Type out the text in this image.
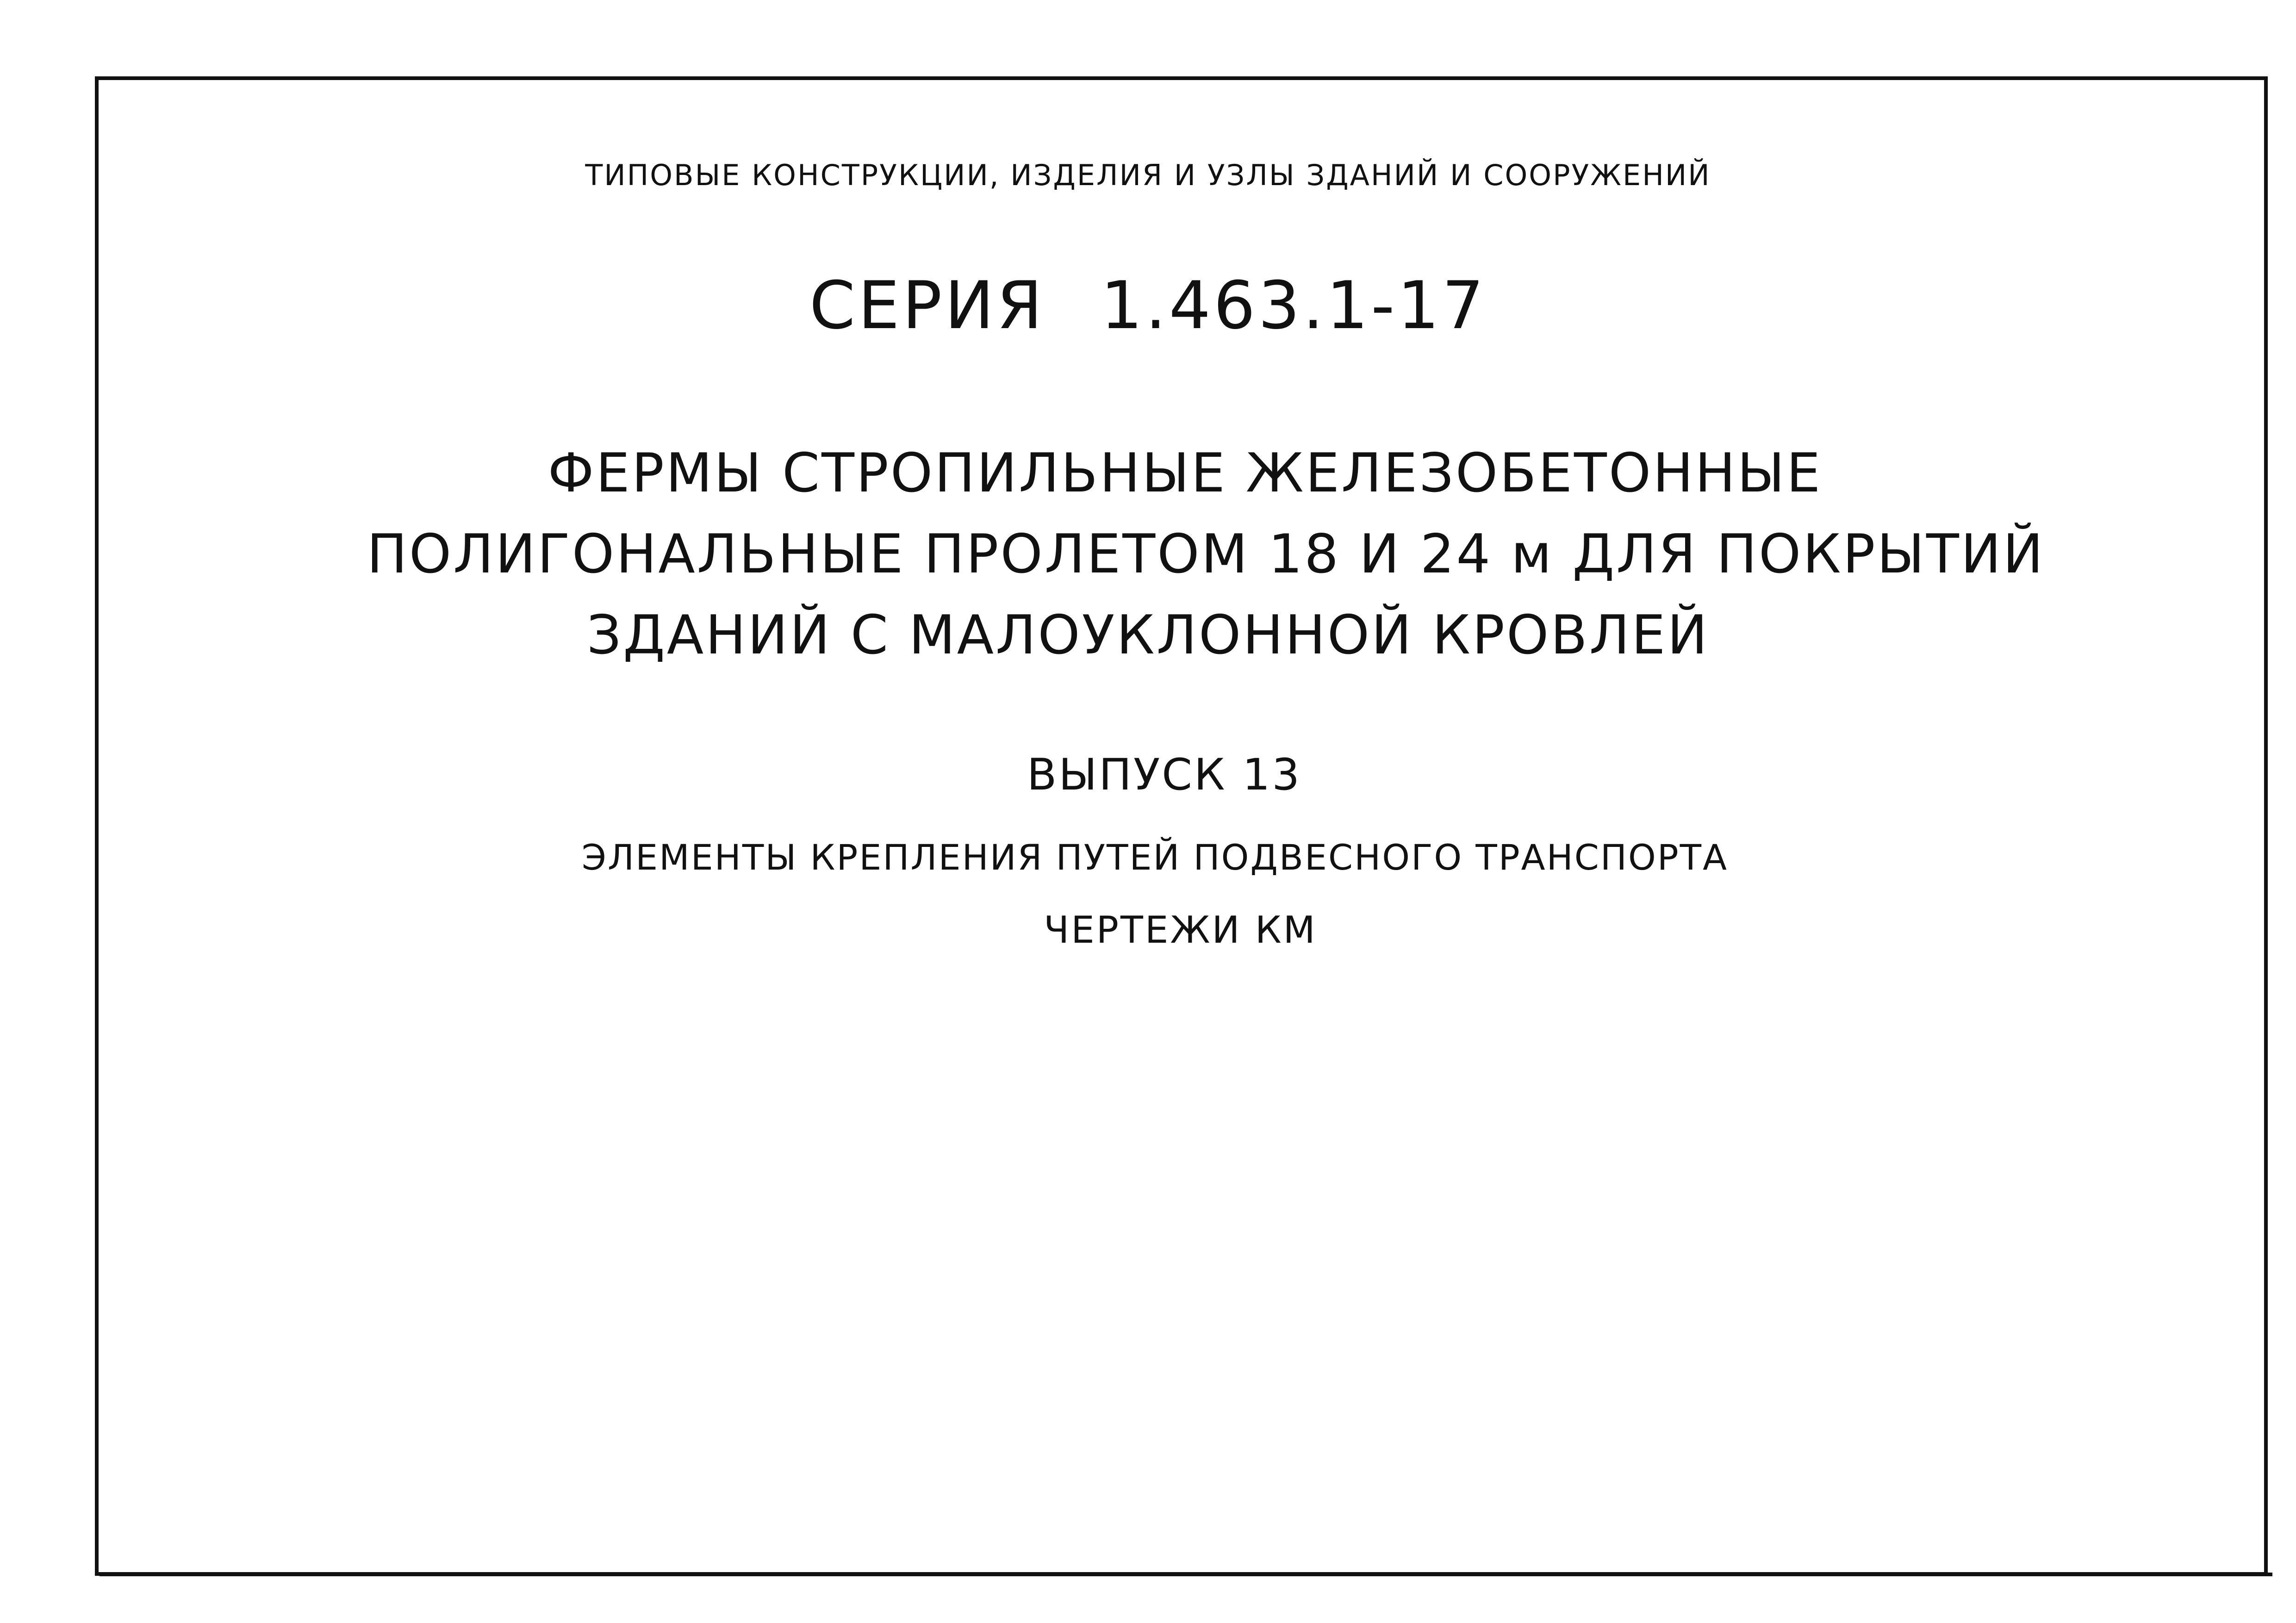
ТИПОВЫЕ КОНСТРУКЦИИ, ИЗДЕЛИЯ И УЗЛЫ ЗДАНИЙ И СООРУЖЕНИЙ
СЕРИЯ 1.463.1-17
ФЕРМЫ СТРОПИЛЬНЫЕ ЖЕЛЕЗОБЕТОННЫЕ
ПОЛИГОНАЛЬНЫЕ ПРОЛЕТОМ 18 И 24 м ДЛЯ ПОКРЫТИЙ
ЗДАНИЙ С МАЛОУКЛОННОЙ КРОВЛЕЙ
ВЫПУСК 13
ЭЛЕМЕНТЫ КРЕПЛЕНИЯ ПУТЕЙ ПОДВЕСНОГО ТРАНСПОРТА
ЧЕРТЕЖИ КМ
